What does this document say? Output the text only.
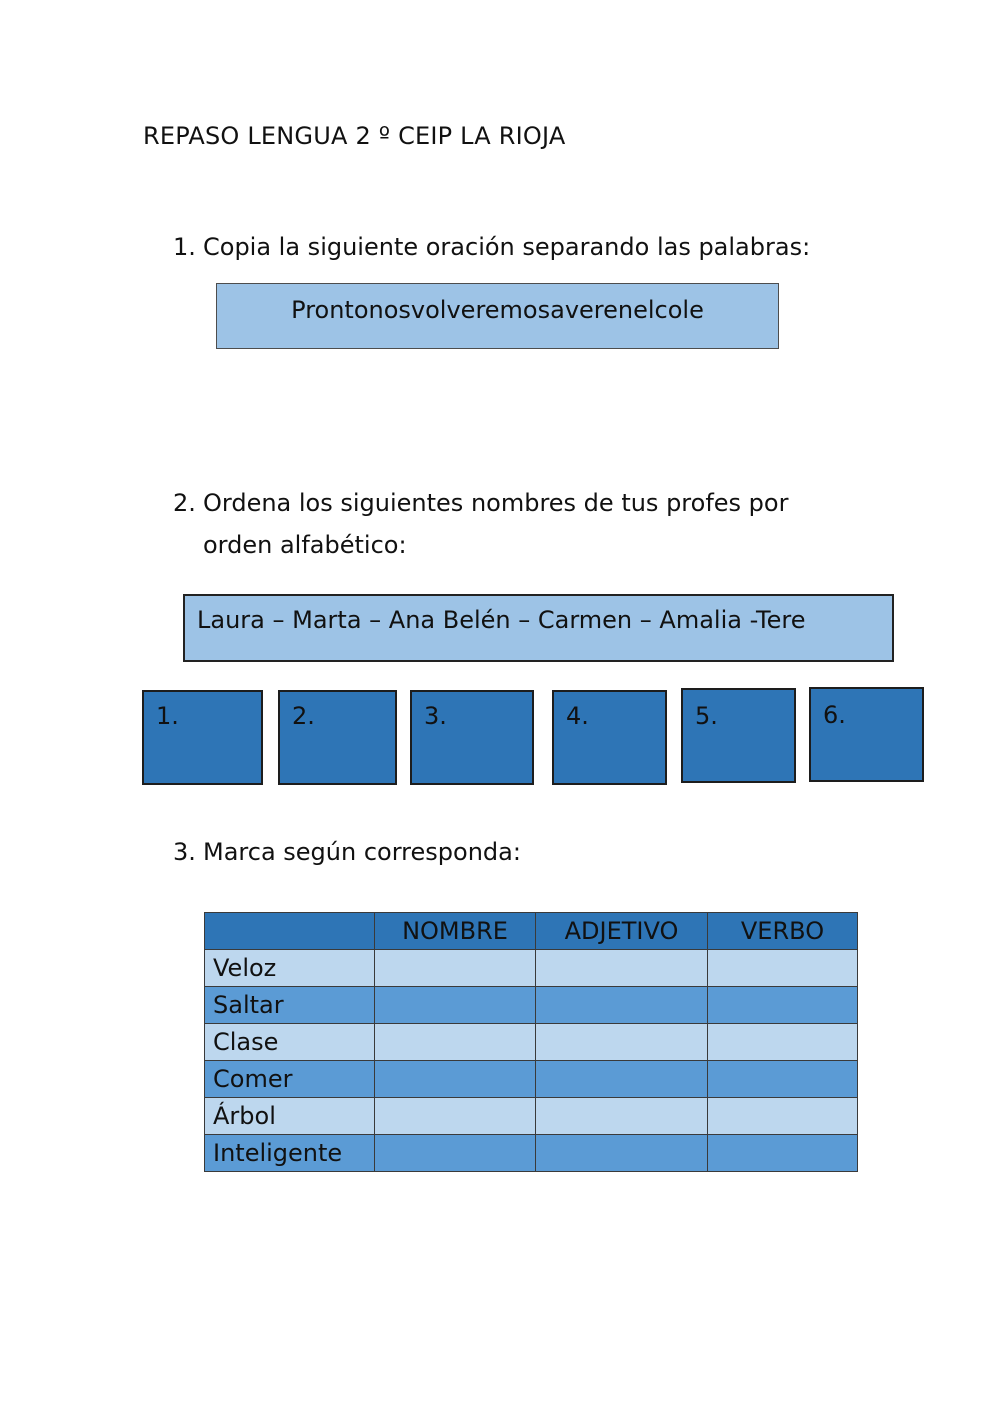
REPASO LENGUA 2 º CEIP LA RIOJA
1. Copia la siguiente oración separando las palabras:
Prontonosvolveremosaverenelcole
2. Ordena los siguientes nombres de tus profes por orden alfabético:
Laura – Marta – Ana Belén – Carmen – Amalia -Tere
1.	2.	3.	4.	5.	6.
3. Marca según corresponda:
	NOMBRE	ADJETIVO	VERBO
Veloz			
Saltar			
Clase			
Comer			
Árbol			
Inteligente			
